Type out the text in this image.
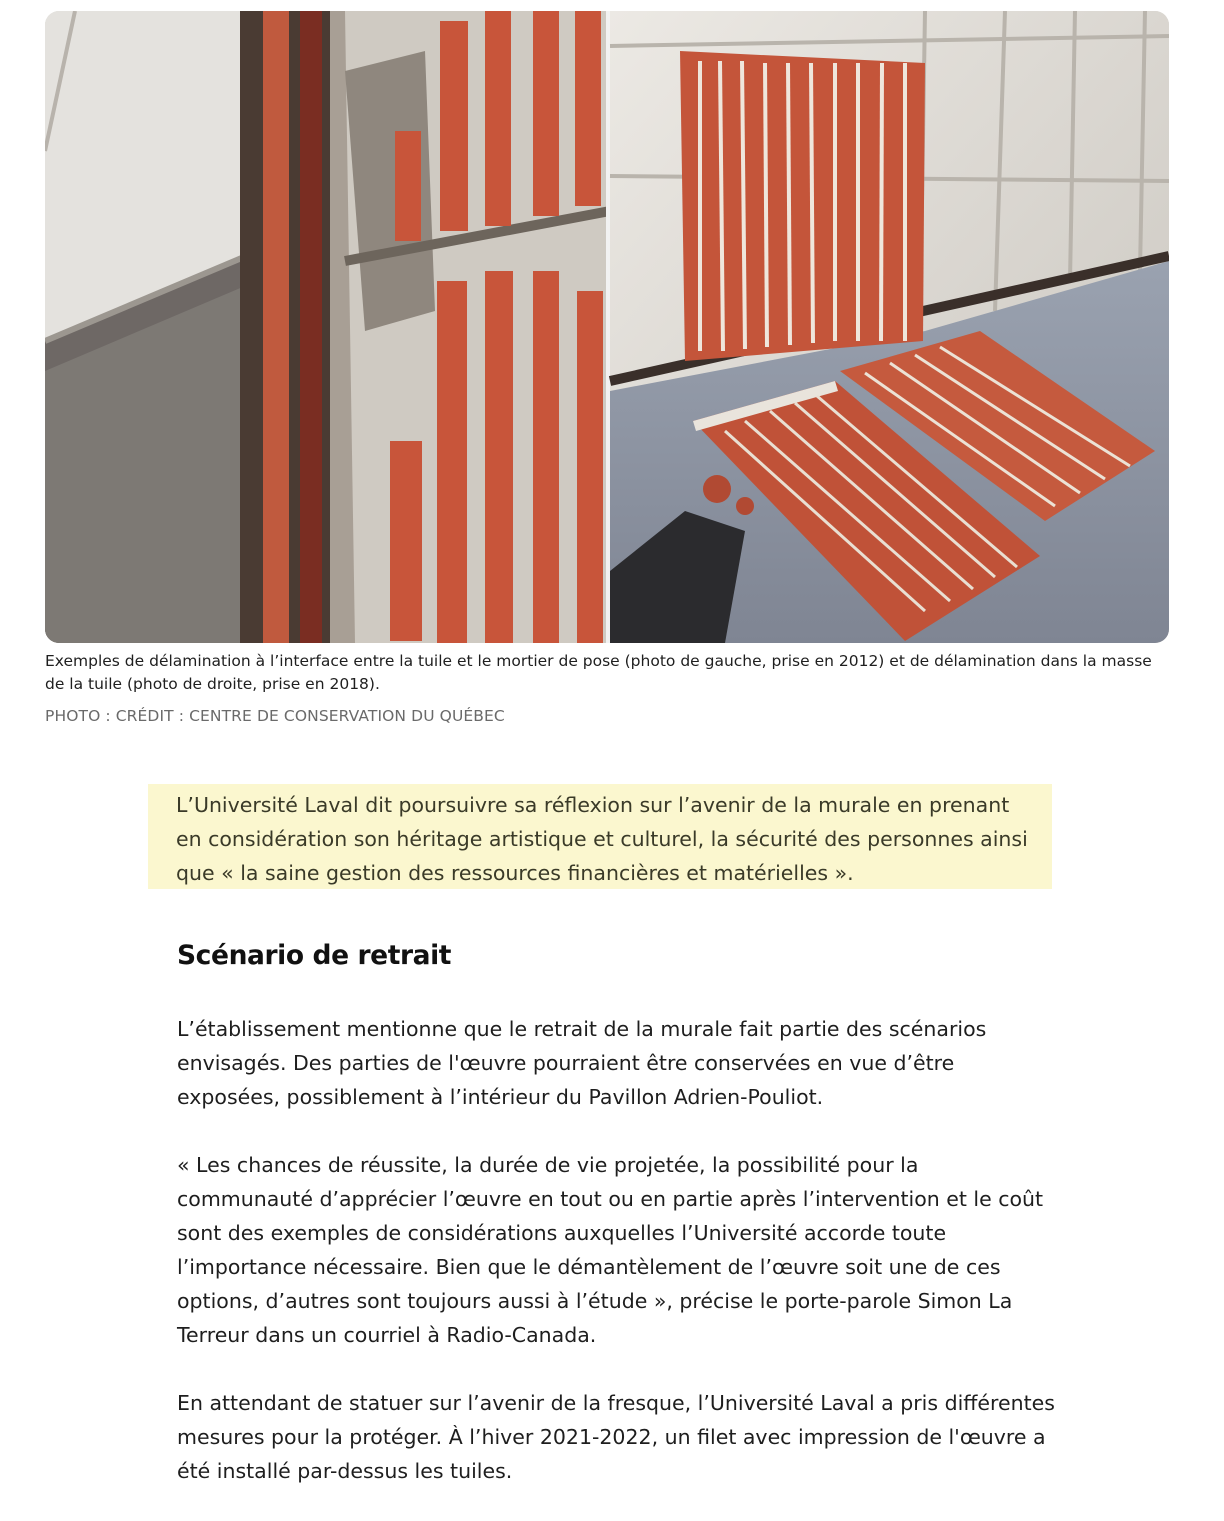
Exemples de délamination à l’interface entre la tuile et le mortier de pose (photo de gauche, prise en 2012) et de délamination dans la masse de la tuile (photo de droite, prise en 2018).
PHOTO : CRÉDIT : CENTRE DE CONSERVATION DU QUÉBEC

L’Université Laval dit poursuivre sa réflexion sur l’avenir de la murale en prenant en considération son héritage artistique et culturel, la sécurité des personnes ainsi que « la saine gestion des ressources financières et matérielles ».

Scénario de retrait

L’établissement mentionne que le retrait de la murale fait partie des scénarios envisagés. Des parties de l'œuvre pourraient être conservées en vue d’être exposées, possiblement à l’intérieur du Pavillon Adrien-Pouliot.

« Les chances de réussite, la durée de vie projetée, la possibilité pour la communauté d’apprécier l’œuvre en tout ou en partie après l’intervention et le coût sont des exemples de considérations auxquelles l’Université accorde toute l’importance nécessaire. Bien que le démantèlement de l’œuvre soit une de ces options, d’autres sont toujours aussi à l’étude », précise le porte-parole Simon La Terreur dans un courriel à Radio-Canada.

En attendant de statuer sur l’avenir de la fresque, l’Université Laval a pris différentes mesures pour la protéger. À l’hiver 2021-2022, un filet avec impression de l'œuvre a été installé par-dessus les tuiles.
